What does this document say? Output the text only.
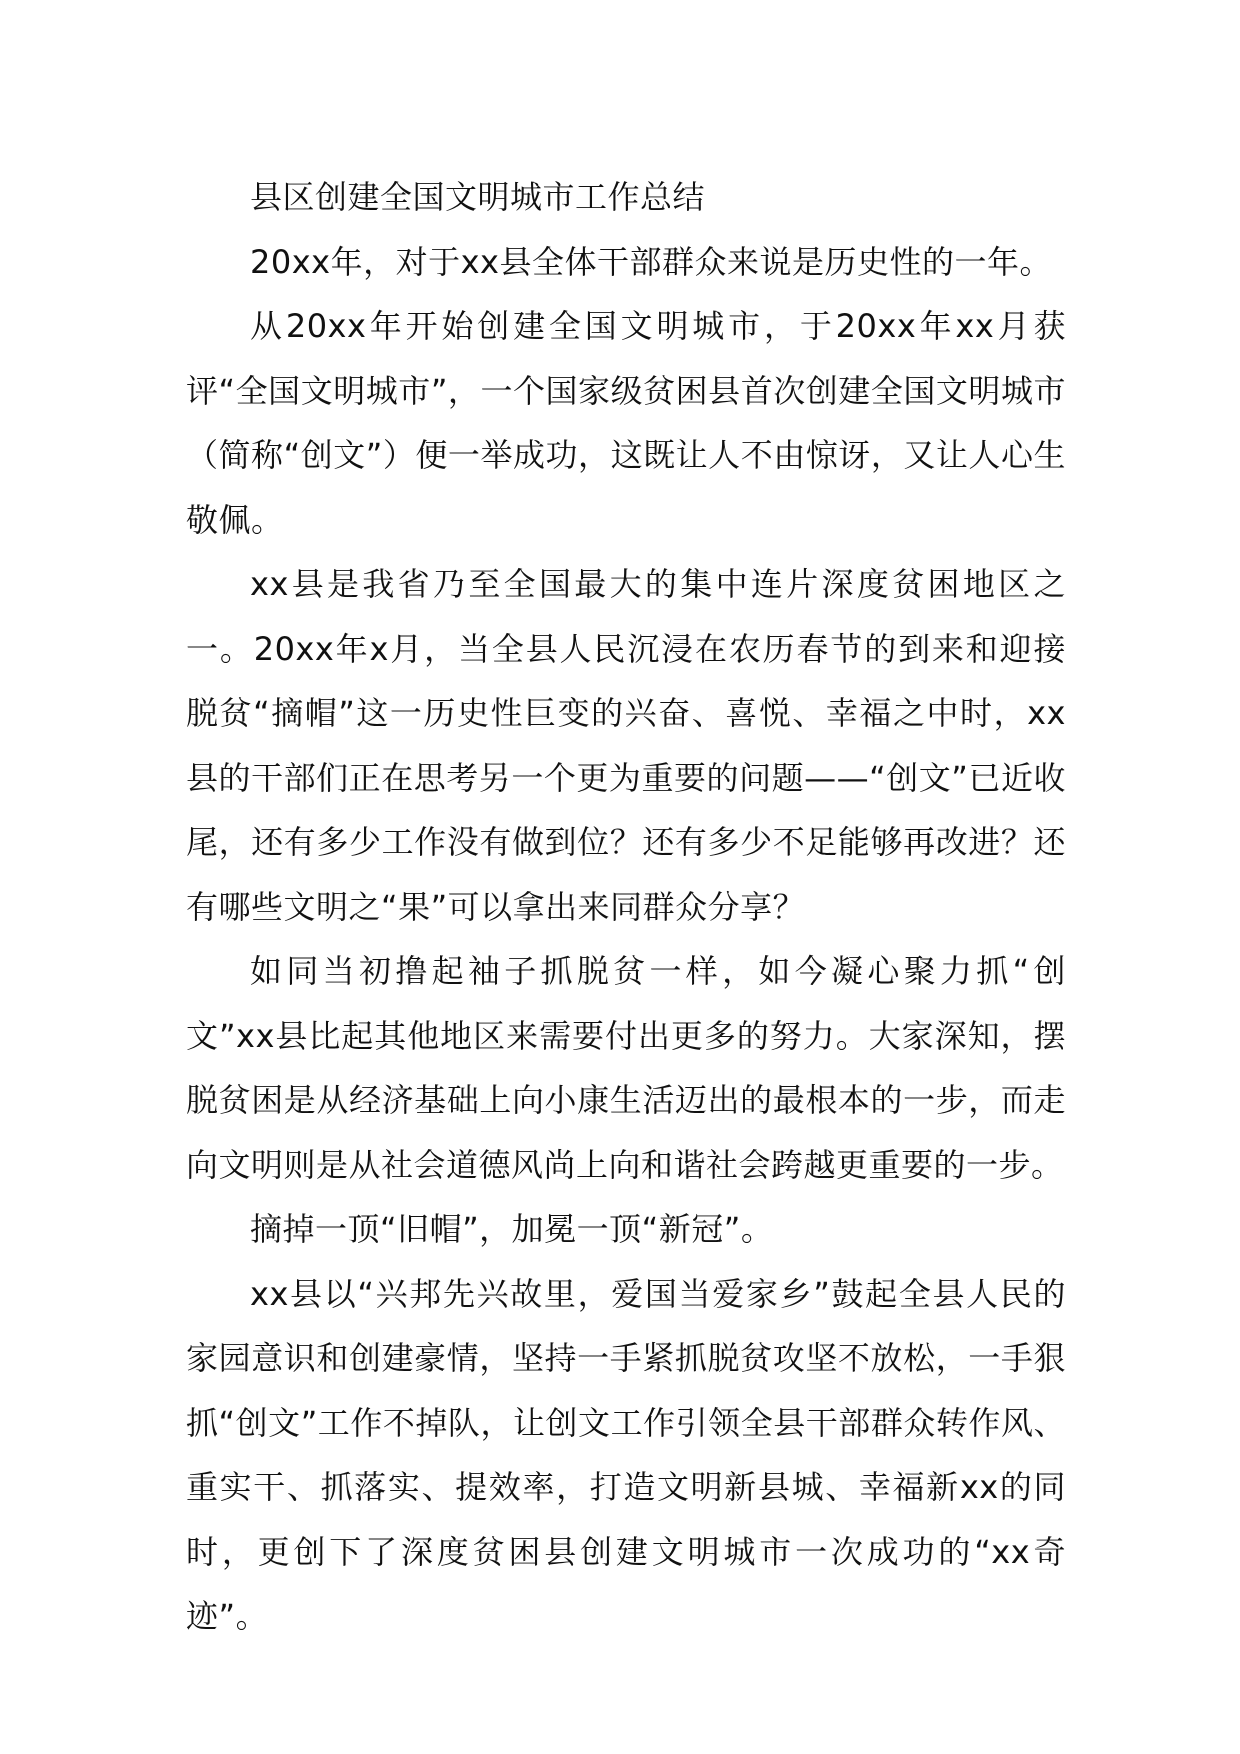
县区创建全国文明城市工作总结

20xx年，对于xx县全体干部群众来说是历史性的一年。

从20xx年开始创建全国文明城市，于20xx年xx月获评“全国文明城市”，一个国家级贫困县首次创建全国文明城市（简称“创文”）便一举成功，这既让人不由惊讶，又让人心生敬佩。

xx县是我省乃至全国最大的集中连片深度贫困地区之一。20xx年x月，当全县人民沉浸在农历春节的到来和迎接脱贫“摘帽”这一历史性巨变的兴奋、喜悦、幸福之中时，xx县的干部们正在思考另一个更为重要的问题——“创文”已近收尾，还有多少工作没有做到位？还有多少不足能够再改进？还有哪些文明之“果”可以拿出来同群众分享？

如同当初撸起袖子抓脱贫一样，如今凝心聚力抓“创文”xx县比起其他地区来需要付出更多的努力。大家深知，摆脱贫困是从经济基础上向小康生活迈出的最根本的一步，而走向文明则是从社会道德风尚上向和谐社会跨越更重要的一步。

摘掉一顶“旧帽”，加冕一顶“新冠”。

xx县以“兴邦先兴故里，爱国当爱家乡”鼓起全县人民的家园意识和创建豪情，坚持一手紧抓脱贫攻坚不放松，一手狠抓“创文”工作不掉队，让创文工作引领全县干部群众转作风、重实干、抓落实、提效率，打造文明新县城、幸福新xx的同时，更创下了深度贫困县创建文明城市一次成功的“xx奇迹”。
